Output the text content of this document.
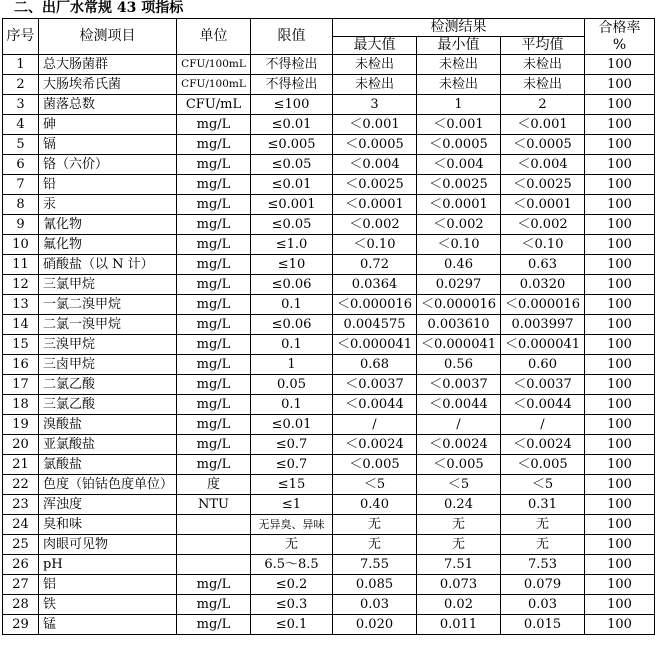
二、出厂水常规 43 项指标
序号	检测项目	单位	限值	检测结果			合格率
%

				最大值	最小值	平均值	
1	总大肠菌群	CFU/100mL	不得检出	未检出	未检出	未检出	100
2	大肠埃希氏菌	CFU/100mL	不得检出	未检出	未检出	未检出	100
3	菌落总数	CFU/mL	≤100	3	1	2	100
4	砷	mg/L	≤0.01	＜0.001	＜0.001	＜0.001	100
5	镉	mg/L	≤0.005	＜0.0005	＜0.0005	＜0.0005	100
6	铬（六价）	mg/L	≤0.05	＜0.004	＜0.004	＜0.004	100
7	铅	mg/L	≤0.01	＜0.0025	＜0.0025	＜0.0025	100
8	汞	mg/L	≤0.001	＜0.0001	＜0.0001	＜0.0001	100
9	氰化物	mg/L	≤0.05	＜0.002	＜0.002	＜0.002	100
10	氟化物	mg/L	≤1.0	＜0.10	＜0.10	＜0.10	100
11	硝酸盐（以 N 计）	mg/L	≤10	0.72	0.46	0.63	100
12	三氯甲烷	mg/L	≤0.06	0.0364	0.0297	0.0320	100
13	一氯二溴甲烷	mg/L	0.1	＜0.000016	＜0.000016	＜0.000016	100
14	二氯一溴甲烷	mg/L	≤0.06	0.004575	0.003610	0.003997	100
15	三溴甲烷	mg/L	0.1	＜0.000041	＜0.000041	＜0.000041	100
16	三卤甲烷	mg/L	1	0.68	0.56	0.60	100
17	二氯乙酸	mg/L	0.05	＜0.0037	＜0.0037	＜0.0037	100
18	三氯乙酸	mg/L	0.1	＜0.0044	＜0.0044	＜0.0044	100
19	溴酸盐	mg/L	≤0.01	/	/	/	100
20	亚氯酸盐	mg/L	≤0.7	＜0.0024	＜0.0024	＜0.0024	100
21	氯酸盐	mg/L	≤0.7	＜0.005	＜0.005	＜0.005	100
22	色度（铂钴色度单位）	度	≤15	＜5	＜5	＜5	100
23	浑浊度	NTU	≤1	0.40	0.24	0.31	100
24	臭和味		无异臭、异味	无	无	无	100
25	肉眼可见物		无	无	无	无	100
26	pH		6.5～8.5	7.55	7.51	7.53	100
27	铝	mg/L	≤0.2	0.085	0.073	0.079	100
28	铁	mg/L	≤0.3	0.03	0.02	0.03	100
29	锰	mg/L	≤0.1	0.020	0.011	0.015	100
